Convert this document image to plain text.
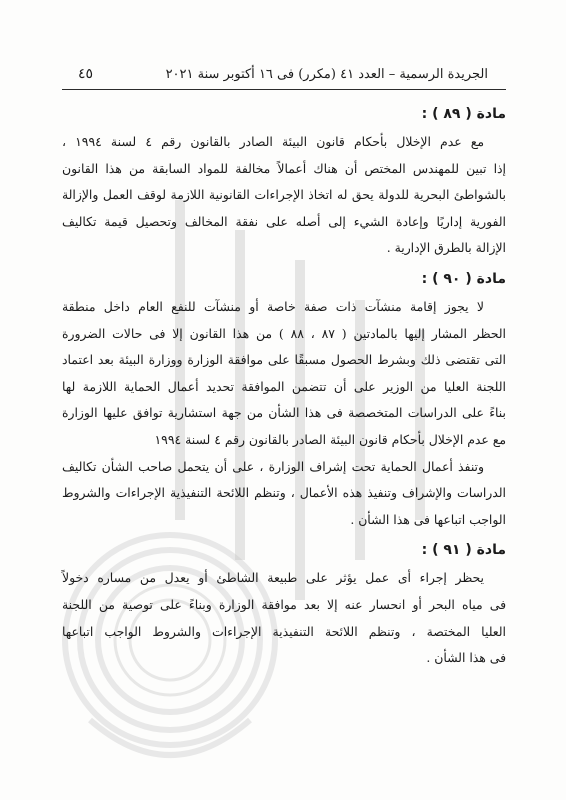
الجريدة الرسمية – العدد ٤١ (مكرر) فى ١٦ أكتوبر سنة ٢٠٢١
٤٥
مادة ( ٨٩ ) :
مع عدم الإخلال بأحكام قانون البيئة الصادر بالقانون رقم ٤ لسنة ١٩٩٤ ،
إذا تبين للمهندس المختص أن هناك أعمالاً مخالفة للمواد السابقة من هذا القانون
بالشواطئ البحرية للدولة يحق له اتخاذ الإجراءات القانونية اللازمة لوقف العمل والإزالة
الفورية إداريًا وإعادة الشيء إلى أصله على نفقة المخالف وتحصيل قيمة تكاليف
الإزالة بالطرق الإدارية .
مادة ( ٩٠ ) :
لا يجوز إقامة منشآت ذات صفة خاصة أو منشآت للنفع العام داخل منطقة
الحظر المشار إليها بالمادتين ( ٨٧ ، ٨٨ ) من هذا القانون إلا فى حالات الضرورة
التى تقتضى ذلك وبشرط الحصول مسبقًا على موافقة الوزارة ووزارة البيئة بعد اعتماد
اللجنة العليا من الوزير على أن تتضمن الموافقة تحديد أعمال الحماية اللازمة لها
بناءً على الدراسات المتخصصة فى هذا الشأن من جهة استشارية توافق عليها الوزارة
مع عدم الإخلال بأحكام قانون البيئة الصادر بالقانون رقم ٤ لسنة ١٩٩٤
وتنفذ أعمال الحماية تحت إشراف الوزارة ، على أن يتحمل صاحب الشأن تكاليف
الدراسات والإشراف وتنفيذ هذه الأعمال ، وتنظم اللائحة التنفيذية الإجراءات والشروط
الواجب اتباعها فى هذا الشأن .
مادة ( ٩١ ) :
يحظر إجراء أى عمل يؤثر على طبيعة الشاطئ أو يعدل من مساره دخولاً
فى مياه البحر أو انحسار عنه إلا بعد موافقة الوزارة وبناءً على توصية من اللجنة
العليا المختصة ، وتنظم اللائحة التنفيذية الإجراءات والشروط الواجب اتباعها
فى هذا الشأن .
